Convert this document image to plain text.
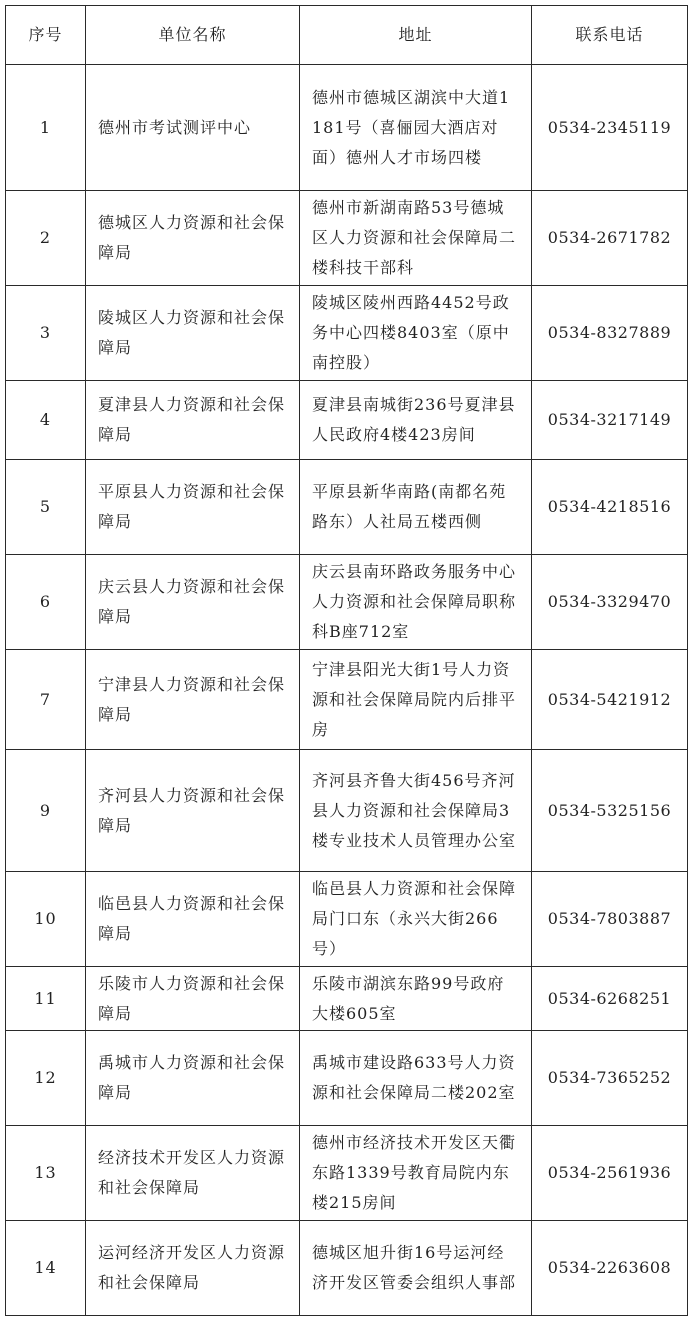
序号	单位名称	地址	联系电话
1	德州市考试测评中心	德州市德城区湖滨中大道1181号（喜俪园大酒店对面）德州人才市场四楼	0534-2345119
2	德城区人力资源和社会保障局	德州市新湖南路53号德城区人力资源和社会保障局二楼科技干部科	0534-2671782
3	陵城区人力资源和社会保障局	陵城区陵州西路4452号政务中心四楼8403室（原中南控股）	0534-8327889
4	夏津县人力资源和社会保障局	夏津县南城街236号夏津县人民政府4楼423房间	0534-3217149
5	平原县人力资源和社会保障局	平原县新华南路(南都名苑路东）人社局五楼西侧	0534-4218516
6	庆云县人力资源和社会保障局	庆云县南环路政务服务中心人力资源和社会保障局职称科B座712室	0534-3329470
7	宁津县人力资源和社会保障局	宁津县阳光大街1号人力资源和社会保障局院内后排平房	0534-5421912
9	齐河县人力资源和社会保障局	齐河县齐鲁大街456号齐河县人力资源和社会保障局3楼专业技术人员管理办公室	0534-5325156
10	临邑县人力资源和社会保障局	临邑县人力资源和社会保障局门口东（永兴大街266号）	0534-7803887
11	乐陵市人力资源和社会保障局	乐陵市湖滨东路99号政府大楼605室	0534-6268251
12	禹城市人力资源和社会保障局	禹城市建设路633号人力资源和社会保障局二楼202室	0534-7365252
13	经济技术开发区人力资源和社会保障局	德州市经济技术开发区天衢东路1339号教育局院内东楼215房间	0534-2561936
14	运河经济开发区人力资源和社会保障局	德城区旭升街16号运河经济开发区管委会组织人事部	0534-2263608
